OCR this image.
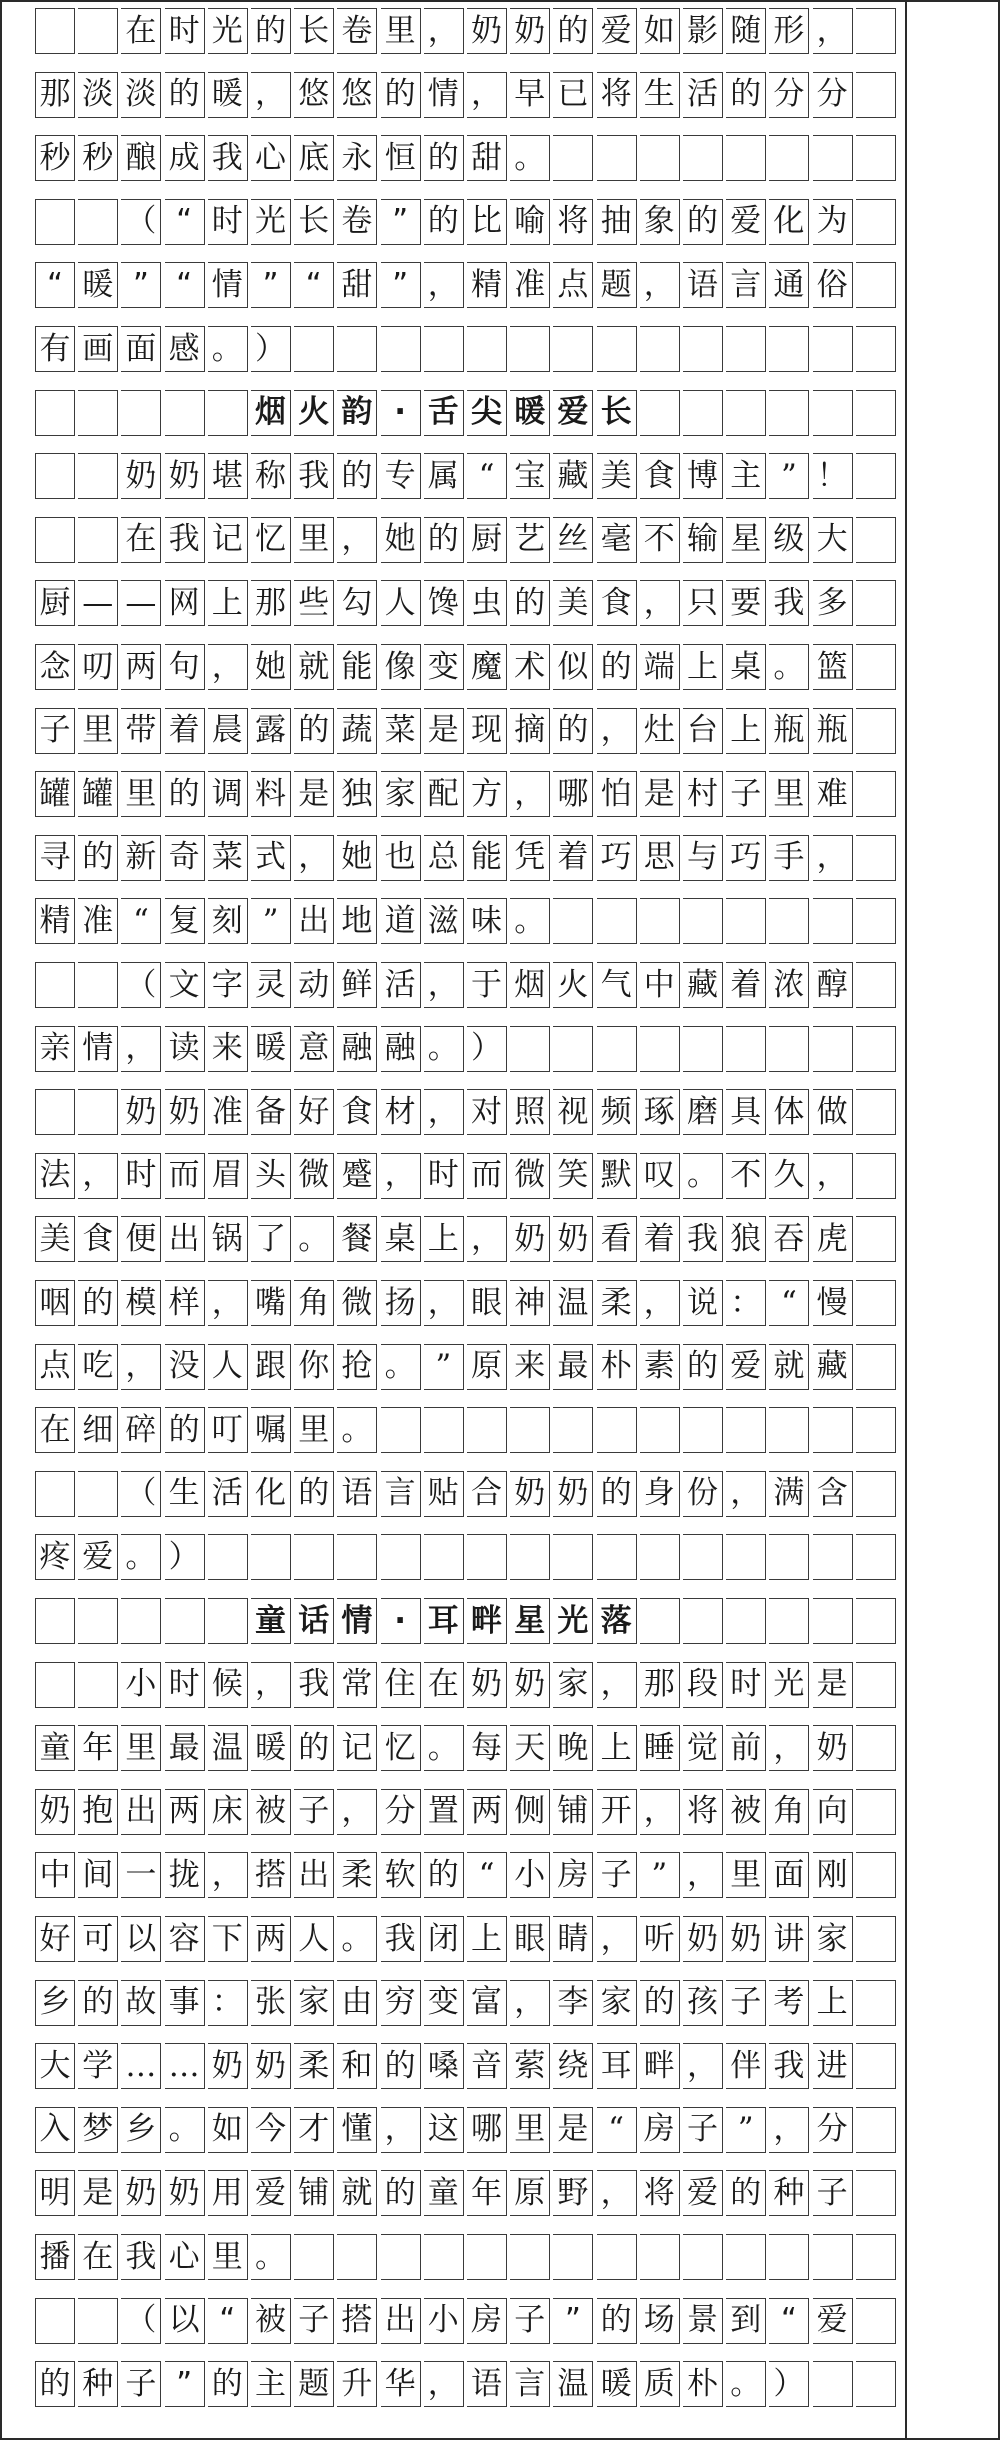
在 时 光 的 长 卷 里 ， 奶 奶 的 爱 如 影 随 形 ，
那 淡 淡 的 暖 ， 悠 悠 的 情 ， 早 已 将 生 活 的 分 分
秒 秒 酿 成 我 心 底 永 恒 的 甜 。
（ “ 时 光 长 卷 ” 的 比 喻 将 抽 象 的 爱 化 为
“ 暖 ” “ 情 ” “ 甜 ” ， 精 准 点 题 ， 语 言 通 俗
有 画 面 感 。 ）
烟 火 韵 · 舌 尖 暖 爱 长
奶 奶 堪 称 我 的 专 属 “ 宝 藏 美 食 博 主 ” ！
在 我 记 忆 里 ， 她 的 厨 艺 丝 毫 不 输 星 级 大
厨 — — 网 上 那 些 勾 人 馋 虫 的 美 食 ， 只 要 我 多
念 叨 两 句 ， 她 就 能 像 变 魔 术 似 的 端 上 桌 。 篮
子 里 带 着 晨 露 的 蔬 菜 是 现 摘 的 ， 灶 台 上 瓶 瓶
罐 罐 里 的 调 料 是 独 家 配 方 ， 哪 怕 是 村 子 里 难
寻 的 新 奇 菜 式 ， 她 也 总 能 凭 着 巧 思 与 巧 手 ，
精 准 “ 复 刻 ” 出 地 道 滋 味 。
（ 文 字 灵 动 鲜 活 ， 于 烟 火 气 中 藏 着 浓 醇
亲 情 ， 读 来 暖 意 融 融 。 ）
奶 奶 准 备 好 食 材 ， 对 照 视 频 琢 磨 具 体 做
法 ， 时 而 眉 头 微 蹙 ， 时 而 微 笑 默 叹 。 不 久 ，
美 食 便 出 锅 了 。 餐 桌 上 ， 奶 奶 看 着 我 狼 吞 虎
咽 的 模 样 ， 嘴 角 微 扬 ， 眼 神 温 柔 ， 说 ： “ 慢
点 吃 ， 没 人 跟 你 抢 。 ” 原 来 最 朴 素 的 爱 就 藏
在 细 碎 的 叮 嘱 里 。
（ 生 活 化 的 语 言 贴 合 奶 奶 的 身 份 ， 满 含
疼 爱 。 ）
童 话 情 · 耳 畔 星 光 落
小 时 候 ， 我 常 住 在 奶 奶 家 ， 那 段 时 光 是
童 年 里 最 温 暖 的 记 忆 。 每 天 晚 上 睡 觉 前 ， 奶
奶 抱 出 两 床 被 子 ， 分 置 两 侧 铺 开 ， 将 被 角 向
中 间 一 拢 ， 搭 出 柔 软 的 “ 小 房 子 ” ， 里 面 刚
好 可 以 容 下 两 人 。 我 闭 上 眼 睛 ， 听 奶 奶 讲 家
乡 的 故 事 ： 张 家 由 穷 变 富 ， 李 家 的 孩 子 考 上
大 学 … … 奶 奶 柔 和 的 嗓 音 萦 绕 耳 畔 ， 伴 我 进
入 梦 乡 。 如 今 才 懂 ， 这 哪 里 是 “ 房 子 ” ， 分
明 是 奶 奶 用 爱 铺 就 的 童 年 原 野 ， 将 爱 的 种 子
播 在 我 心 里 。
（ 以 “ 被 子 搭 出 小 房 子 ” 的 场 景 到 “ 爱
的 种 子 ” 的 主 题 升 华 ， 语 言 温 暖 质 朴 。 ）
